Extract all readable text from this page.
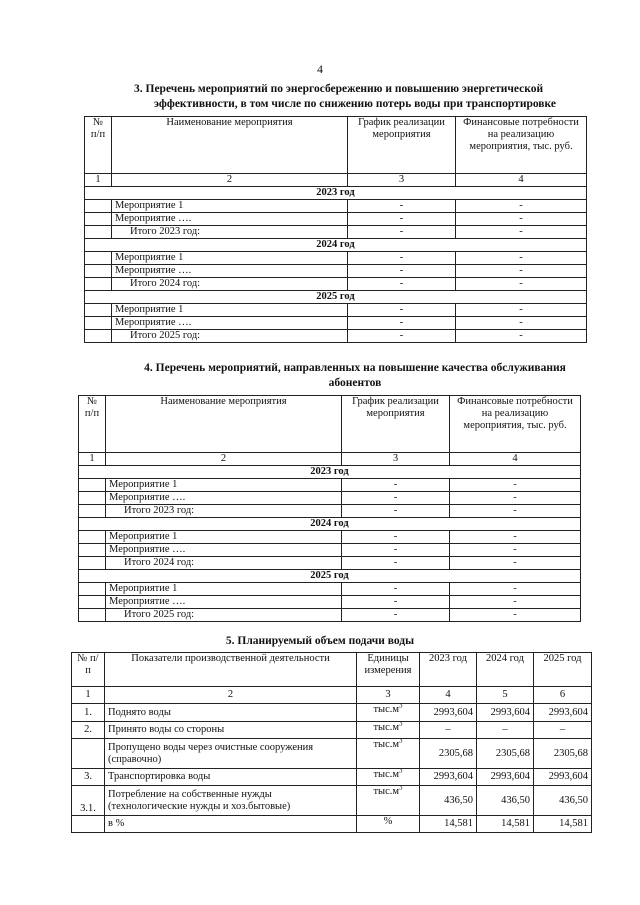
4
3. Перечень мероприятий по энергосбережению и повышению энергетической
эффективности, в том числе по снижению потерь воды при транспортировке
№ п/п	Наименование мероприятия	График реализации мероприятия	Финансовые потребности на реализацию мероприятия, тыс. руб.
1	2	3	4
2023 год			
	Мероприятие 1	-	-
	Мероприятие ….	-	-
	Итого 2023 год:	-	-
2024 год			
	Мероприятие 1	-	-
	Мероприятие ….	-	-
	Итого 2024 год:	-	-
2025 год			
	Мероприятие 1	-	-
	Мероприятие ….	-	-
	Итого 2025 год:	-	-
4. Перечень мероприятий, направленных на повышение качества обслуживания
абонентов
№ п/п	Наименование мероприятия	График реализации мероприятия	Финансовые потребности на реализацию мероприятия, тыс. руб.
1	2	3	4
2023 год			
	Мероприятие 1	-	-
	Мероприятие ….	-	-
	Итого 2023 год:	-	-
2024 год			
	Мероприятие 1	-	-
	Мероприятие ….	-	-
	Итого 2024 год:	-	-
2025 год			
	Мероприятие 1	-	-
	Мероприятие ….	-	-
	Итого 2025 год:	-	-
5. Планируемый объем подачи воды
№ п/п	Показатели производственной деятельности	Единицы измерения	2023 год	2024 год	2025 год
1	2	3	4	5	6
1.	Поднято воды	$тыс.м^3$	2993,604	2993,604	2993,604
2.	Принято воды со стороны	$тыс.м^3$	–	–	–
	Пропущено воды через очистные сооружения (справочно)	$тыс.м^3$	2305,68	2305,68	2305,68
3.	Транспортировка воды	$тыс.м^3$	2993,604	2993,604	2993,604
3.1.	Потребление на собственные нужды (технологические нужды и хоз.бытовые)	$тыс.м^3$	436,50	436,50	436,50
	в %	%	14,581	14,581	14,581
